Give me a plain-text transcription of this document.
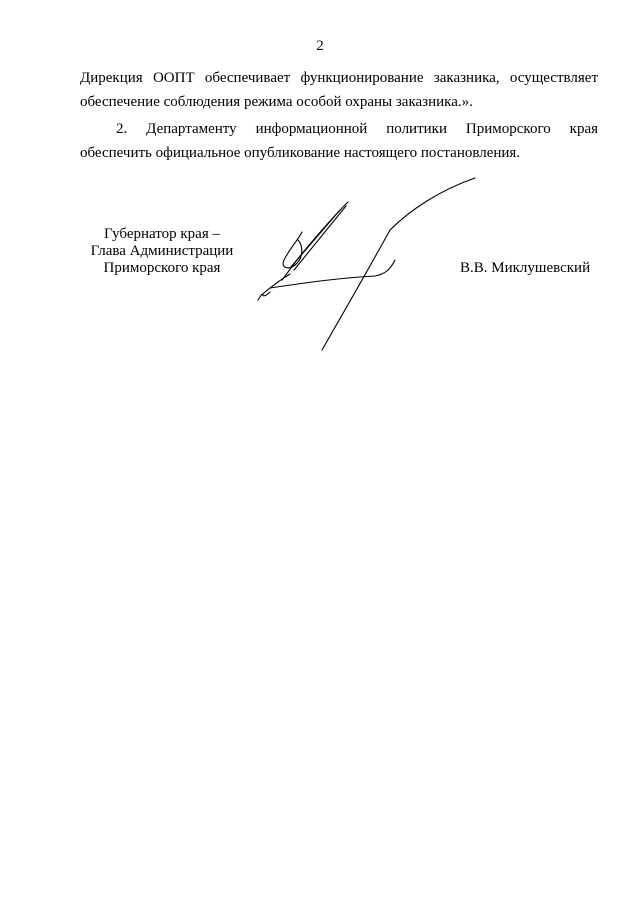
2
Дирекция ООПТ обеспечивает функционирование заказника, осуществляет
обеспечение соблюдения режима особой охраны заказника.».
2. Департаменту информационной политики Приморского края
обеспечить официальное опубликование настоящего постановления.
Губернатор края –
Глава Администрации
Приморского края	В.В. Миклушевский
